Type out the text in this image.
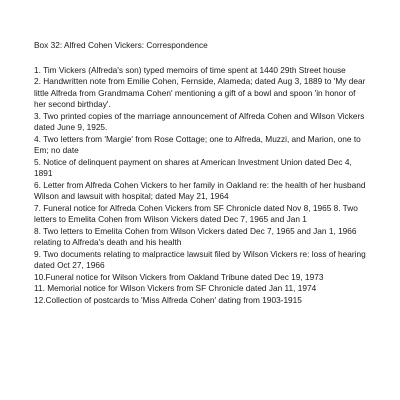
Box 32: Alfred Cohen Vickers: Correspondence
1. Tim Vickers (Alfreda's son) typed memoirs of time spent at 1440 29th Street house
2. Handwritten note from Emilie Cohen, Fernside, Alameda; dated Aug 3, 1889 to 'My dear little Alfreda from Grandmama Cohen' mentioning a gift of a bowl and spoon 'in honor of her second birthday'.
3. Two printed copies of the marriage announcement of Alfreda Cohen and Wilson Vickers dated June 9, 1925.
4. Two letters from 'Margie' from Rose Cottage; one to Alfreda, Muzzi, and Marion, one to Em; no date
5. Notice of delinquent payment on shares at American Investment Union dated Dec 4, 1891
6. Letter from Alfreda Cohen Vickers to her family in Oakland re: the health of her husband Wilson and lawsuit with hospital; dated May 21, 1964
7. Funeral notice for Alfreda Cohen Vickers from SF Chronicle dated Nov 8, 1965 8. Two letters to Emelita Cohen from Wilson Vickers dated Dec 7, 1965 and Jan 1
8. Two letters to Emelita Cohen from Wilson Vickers dated Dec 7, 1965 and Jan 1, 1966 relating to Alfreda's death and his health
9. Two documents relating to malpractice lawsuit filed by Wilson Vickers re: loss of hearing dated Oct 27, 1966
10.Funeral notice for Wilson Vickers from Oakland Tribune dated Dec 19, 1973
11. Memorial notice for Wilson Vickers from SF Chronicle dated Jan 11, 1974
12.Collection of postcards to 'Miss Alfreda Cohen' dating from 1903-1915
